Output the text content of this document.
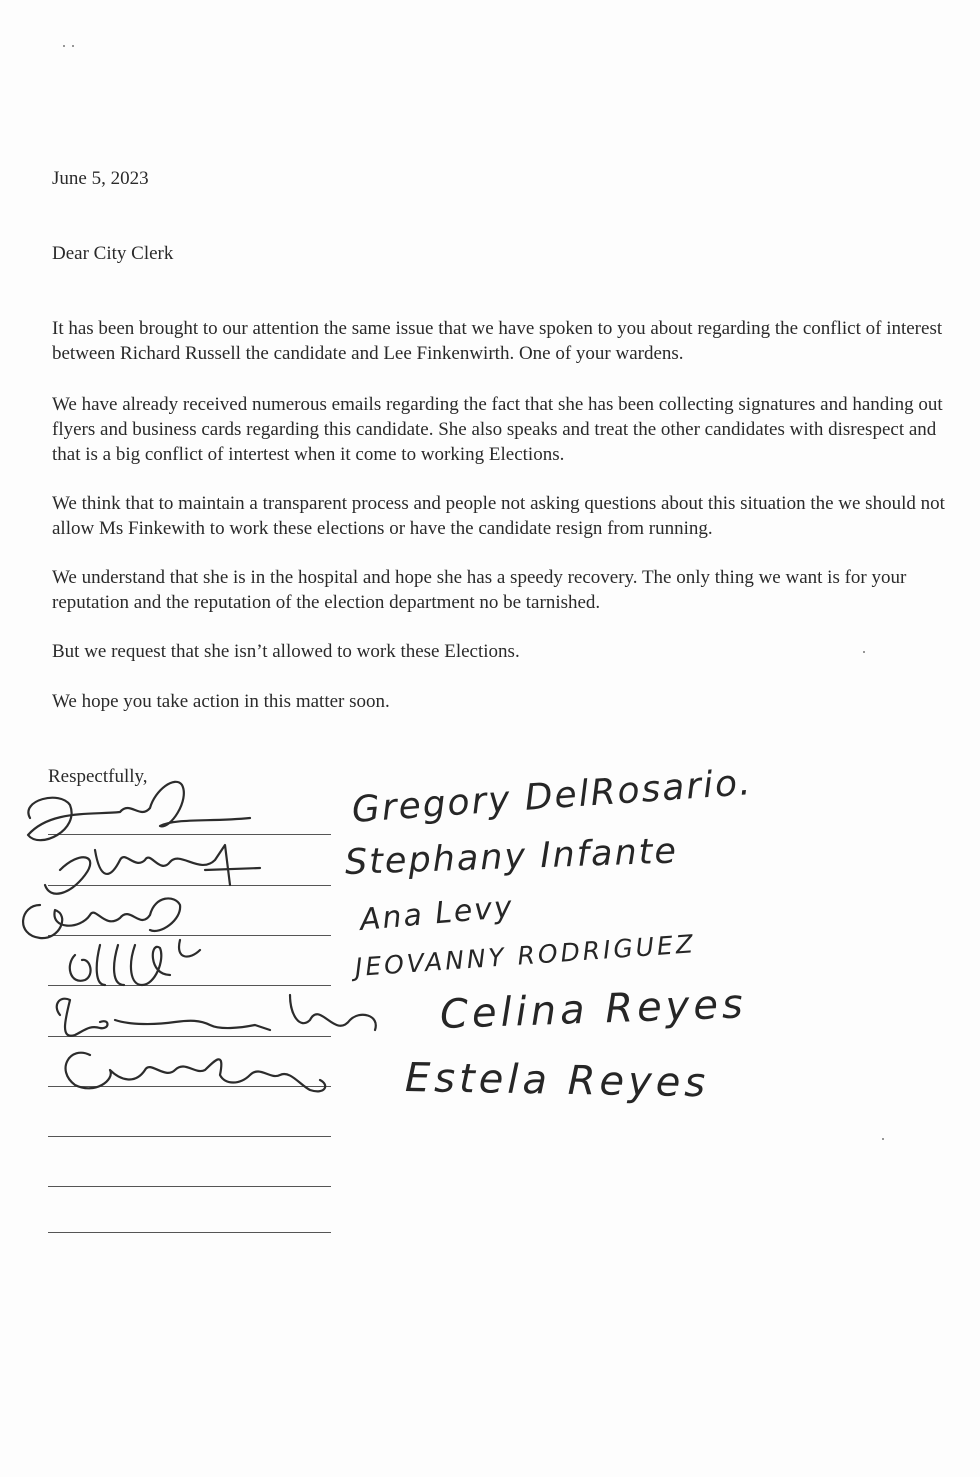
June 5, 2023
Dear City Clerk
It has been brought to our attention the same issue that we have spoken to you about regarding the conflict of interest between Richard Russell the candidate and Lee Finkenwirth. One of your wardens.
We have already received numerous emails regarding the fact that she has been collecting signatures and handing out flyers and business cards regarding this candidate. She also speaks and treat the other candidates with disrespect and that is a big conflict of intertest when it come to working Elections.
We think that to maintain a transparent process and people not asking questions about this situation the we should not allow Ms Finkewith to work these elections or have the candidate resign from running.
We understand that she is in the hospital and hope she has a speedy recovery. The only thing we want is for your reputation and the reputation of the election department no be tarnished.
But we request that she isn’t allowed to work these Elections.
We hope you take action in this matter soon.
Respectfully,	Gregory DelRosario.
Stephany Infante
Ana Levy
JEOVANNY RODRIGUEZ
Celina Reyes
Estela Reyes
